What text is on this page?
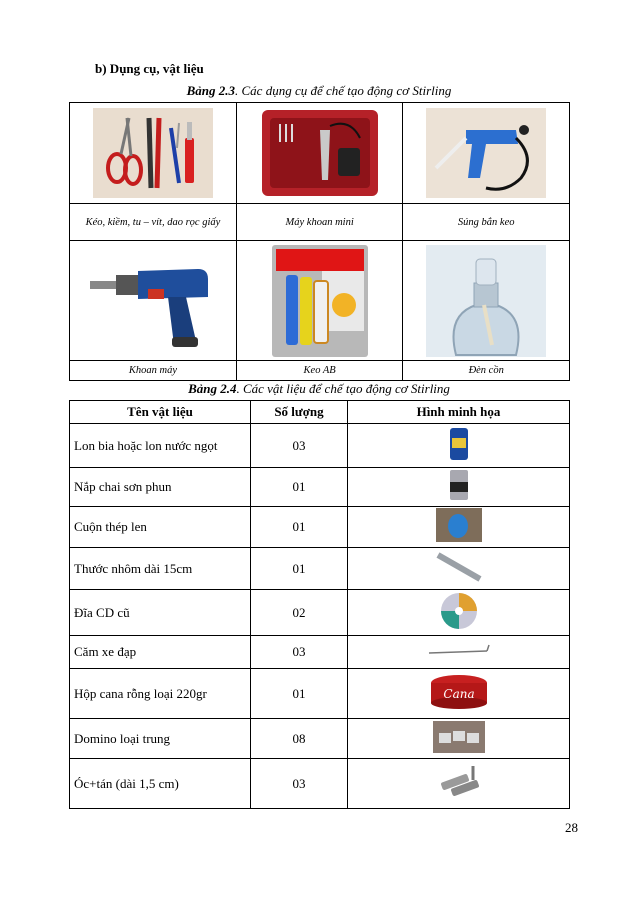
b) Dụng cụ, vật liệu
Bảng 2.3. Các dụng cụ để chế tạo động cơ Stirling

Kéo, kiềm, tu – vít, dao rọc giấy	Máy khoan mini	Súng bắn keo

Khoan máy	Keo AB	Đèn cồn
Bảng 2.4. Các vật liệu để chế tạo động cơ Stirling
Tên vật liệu	Số lượng	Hình minh họa
Lon bia hoặc lon nước ngọt	03	
Nắp chai sơn phun	01	
Cuộn thép len	01	
Thước nhôm dài 15cm	01	
Đĩa CD cũ	02	
Căm xe đạp	03	
Hộp cana rỗng loại 220gr	01	Cana

Domino loại trung	08	
Óc+tán (dài 1,5 cm)	03	
28
